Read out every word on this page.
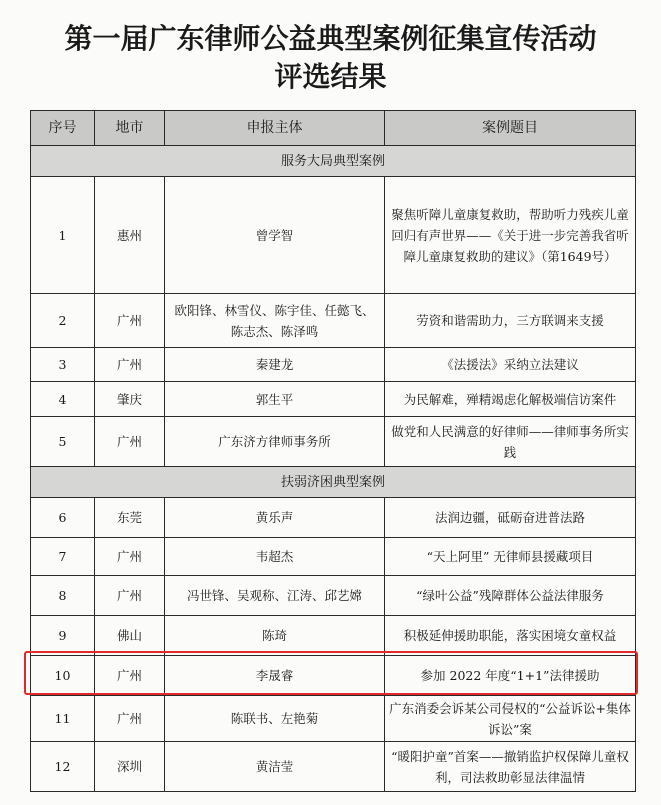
第一届广东律师公益典型案例征集宣传活动
评选结果
序号	地市	申报主体	案例题目
服务大局典型案例			
1	惠州	曾学智	聚焦听障儿童康复救助，帮助听力残疾儿童回归有声世界——《关于进一步完善我省听障儿童康复救助的建议》（第1649号）
2	广州	欧阳锋、林雪仪、陈宇佳、任懿飞、陈志杰、陈泽鸣	劳资和谐需助力，三方联调来支援
3	广州	秦建龙	《法援法》采纳立法建议
4	肇庆	郭生平	为民解难，殚精竭虑化解极端信访案件
5	广州	广东济方律师事务所	做党和人民满意的好律师——律师事务所实践
扶弱济困典型案例			
6	东莞	黄乐声	法润边疆，砥砺奋进普法路
7	广州	韦超杰	“天上阿里” 无律师县援藏项目
8	广州	冯世锋、吴观称、江涛、邱艺嫦	“绿叶公益”残障群体公益法律服务
9	佛山	陈琦	积极延伸援助职能，落实困境女童权益
10	广州	李晟睿	参加 2022 年度“1+1”法律援助
11	广州	陈联书、左艳菊	广东消委会诉某公司侵权的“公益诉讼+集体诉讼”案
12	深圳	黄洁莹	“暖阳护童”首案——撤销监护权保障儿童权利，司法救助彰显法律温情
